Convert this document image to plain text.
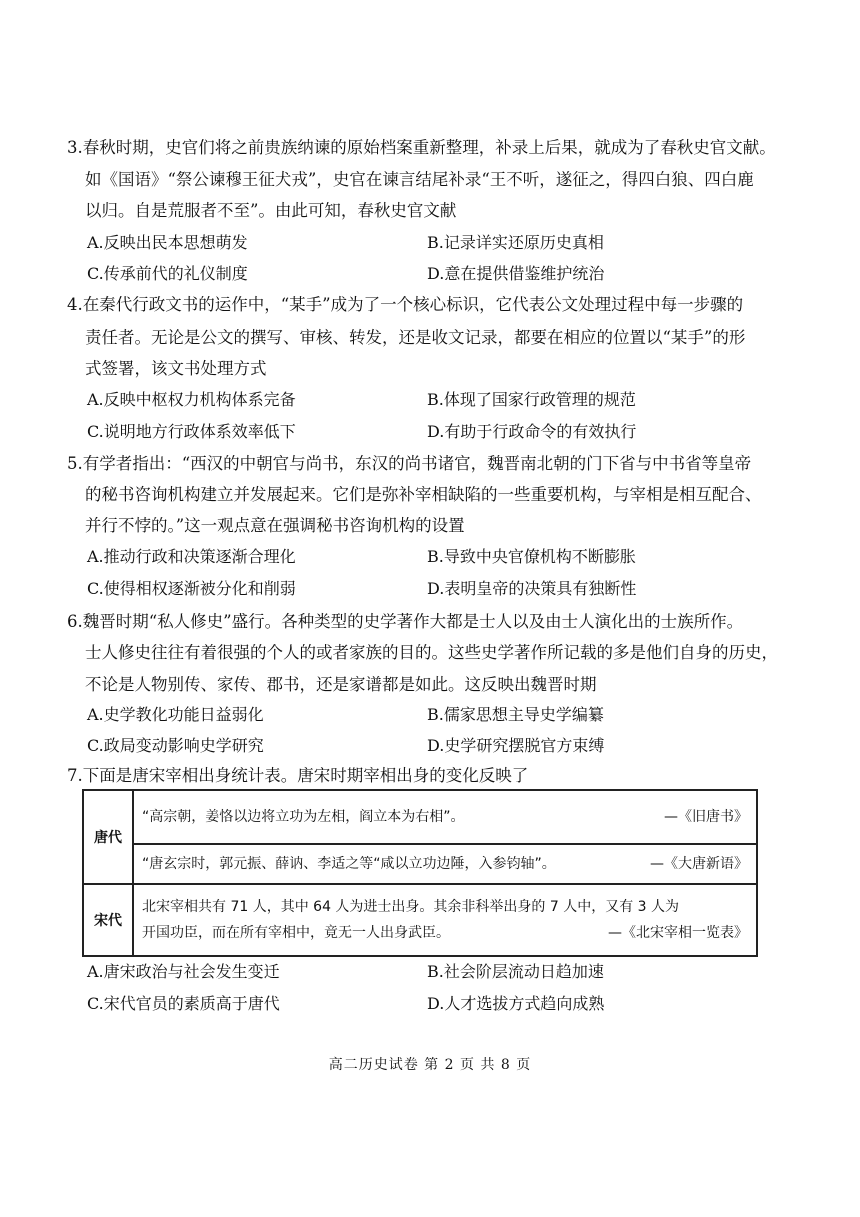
3.春秋时期，史官们将之前贵族纳谏的原始档案重新整理，补录上后果，就成为了春秋史官文献。
如《国语》“祭公谏穆王征犬戎”，史官在谏言结尾补录“王不听，遂征之，得四白狼、四白鹿
以归。自是荒服者不至”。由此可知，春秋史官文献
A.反映出民本思想萌发	B.记录详实还原历史真相
C.传承前代的礼仪制度	D.意在提供借鉴维护统治
4.在秦代行政文书的运作中，“某手”成为了一个核心标识，它代表公文处理过程中每一步骤的
责任者。无论是公文的撰写、审核、转发，还是收文记录，都要在相应的位置以“某手”的形
式签署，该文书处理方式
A.反映中枢权力机构体系完备	B.体现了国家行政管理的规范
C.说明地方行政体系效率低下	D.有助于行政命令的有效执行
5.有学者指出：“西汉的中朝官与尚书，东汉的尚书诸官，魏晋南北朝的门下省与中书省等皇帝
的秘书咨询机构建立并发展起来。它们是弥补宰相缺陷的一些重要机构，与宰相是相互配合、
并行不悖的。”这一观点意在强调秘书咨询机构的设置
A.推动行政和决策逐渐合理化	B.导致中央官僚机构不断膨胀
C.使得相权逐渐被分化和削弱	D.表明皇帝的决策具有独断性
6.魏晋时期“私人修史”盛行。各种类型的史学著作大都是士人以及由士人演化出的士族所作。
士人修史往往有着很强的个人的或者家族的目的。这些史学著作所记载的多是他们自身的历史，
不论是人物别传、家传、郡书，还是家谱都是如此。这反映出魏晋时期
A.史学教化功能日益弱化	B.儒家思想主导史学编纂
C.政局变动影响史学研究	D.史学研究摆脱官方束缚
7.下面是唐宋宰相出身统计表。唐宋时期宰相出身的变化反映了
唐代	“高宗朝，姜恪以边将立功为左相，阎立本为右相”。 —《旧唐书》

	“唐玄宗时，郭元振、薛讷、李适之等“咸以立功边陲，入参钧轴”。 —《大唐新语》

宋代	北宋宰相共有 71 人，其中 64 人为进士出身。其余非科举出身的 7 人中，又有 3 人为
开国功臣，而在所有宰相中，竟无一人出身武臣。 —《北宋宰相一览表》
A.唐宋政治与社会发生变迁	B.社会阶层流动日趋加速
C.宋代官员的素质高于唐代	D.人才选拔方式趋向成熟
高二历史试卷 第 2 页 共 8 页
